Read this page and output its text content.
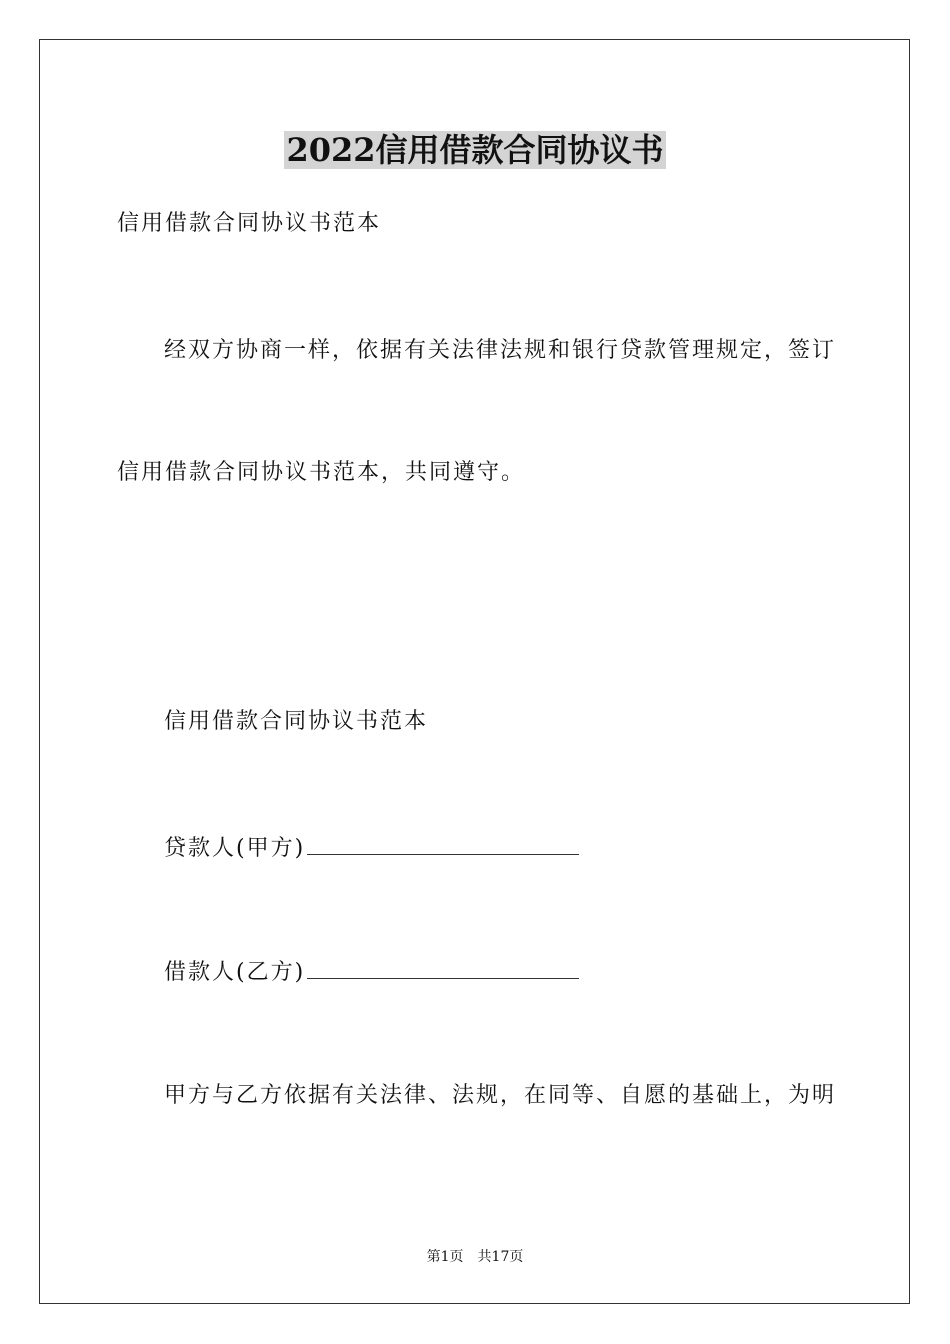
2022信用借款合同协议书
信用借款合同协议书范本
经双方协商一样，依据有关法律法规和银行贷款管理规定，签订
信用借款合同协议书范本，共同遵守。
信用借款合同协议书范本
贷款人(甲方)
借款人(乙方)
甲方与乙方依据有关法律、法规，在同等、自愿的基础上，为明
第1页 共17页
